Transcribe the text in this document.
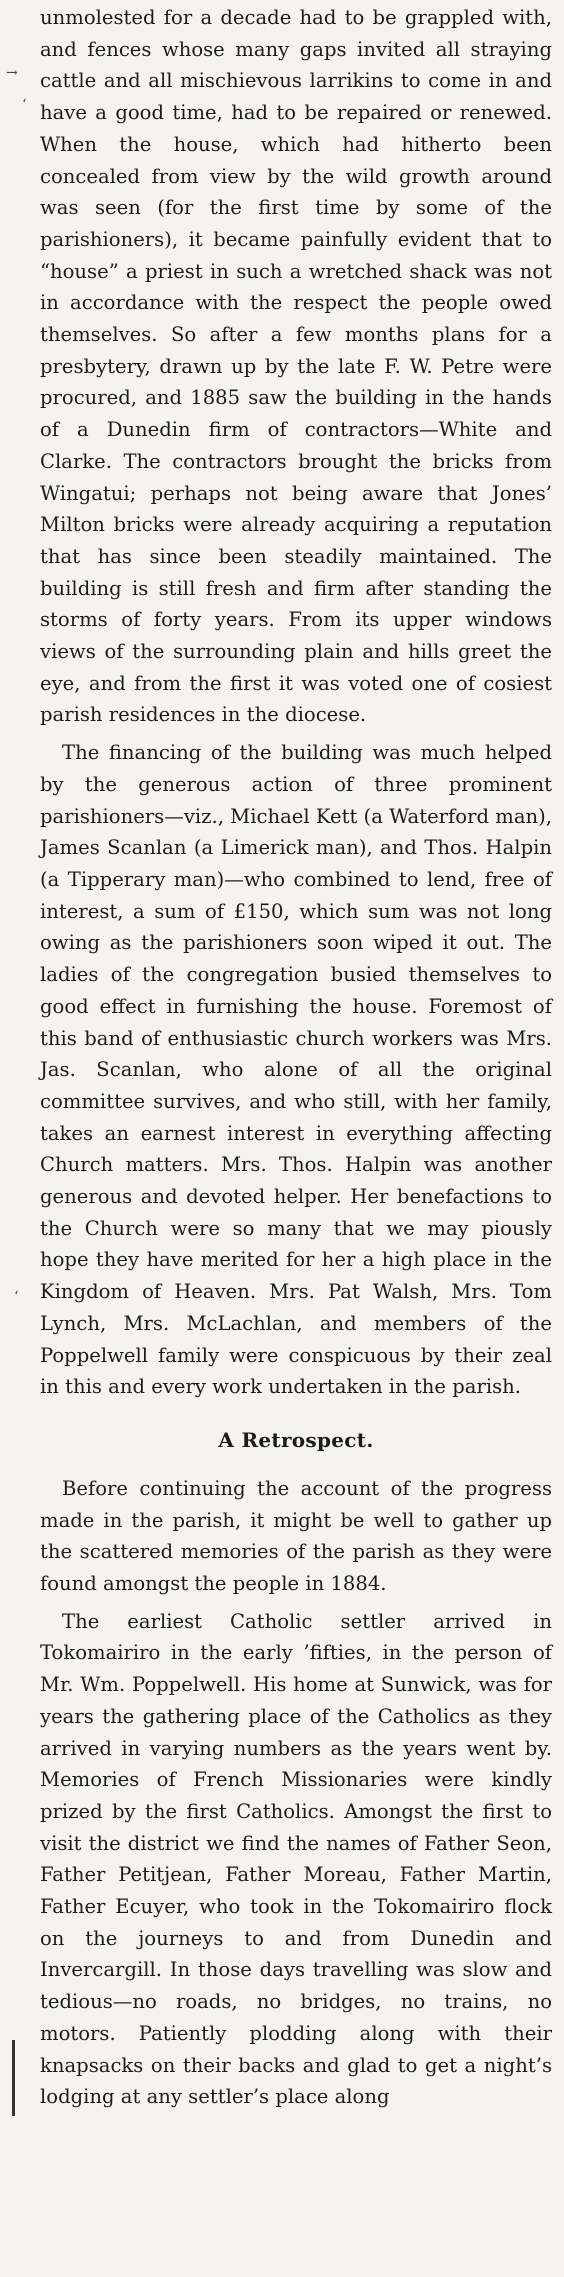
→
‘
‘

unmolested for a decade had to be grappled with, and fences whose many gaps invited all straying cattle and all mischievous larrikins to come in and have a good time, had to be repaired or renewed. When the house, which had hitherto been concealed from view by the wild growth around was seen (for the first time by some of the parishioners), it became painfully evident that to “house” a priest in such a wretched shack was not in accordance with the respect the people owed themselves. So after a few months plans for a presbytery, drawn up by the late F. W. Petre were procured, and 1885 saw the building in the hands of a Dunedin firm of contractors—White and Clarke. The contractors brought the bricks from Wingatui; perhaps not being aware that Jones’ Milton bricks were already acquiring a reputation that has since been steadily maintained. The building is still fresh and firm after standing the storms of forty years. From its upper windows views of the surrounding plain and hills greet the eye, and from the first it was voted one of cosiest parish residences in the diocese.

The financing of the building was much helped by the generous action of three prominent parishioners—viz., Michael Kett (a Waterford man), James Scanlan (a Limerick man), and Thos. Halpin (a Tipperary man)—who combined to lend, free of interest, a sum of £150, which sum was not long owing as the parishioners soon wiped it out. The ladies of the congregation busied themselves to good effect in furnishing the house. Foremost of this band of enthusiastic church workers was Mrs. Jas. Scanlan, who alone of all the original committee survives, and who still, with her family, takes an earnest interest in everything affecting Church matters. Mrs. Thos. Halpin was another generous and devoted helper. Her benefactions to the Church were so many that we may piously hope they have merited for her a high place in the Kingdom of Heaven. Mrs. Pat Walsh, Mrs. Tom Lynch, Mrs. McLachlan, and members of the Poppelwell family were conspicuous by their zeal in this and every work undertaken in the parish.

A Retrospect.

Before continuing the account of the progress made in the parish, it might be well to gather up the scattered memories of the parish as they were found amongst the people in 1884.

The earliest Catholic settler arrived in Tokomairiro in the early ’fifties, in the person of Mr. Wm. Poppelwell. His home at Sunwick, was for years the gathering place of the Catholics as they arrived in varying numbers as the years went by. Memories of French Missionaries were kindly prized by the first Catholics. Amongst the first to visit the district we find the names of Father Seon, Father Petitjean, Father Moreau, Father Martin, Father Ecuyer, who took in the Tokomairiro flock on the journeys to and from Dunedin and Invercargill. In those days travelling was slow and tedious—no roads, no bridges, no trains, no motors. Patiently plodding along with their knapsacks on their backs and glad to get a night’s lodging at any settler’s place along
